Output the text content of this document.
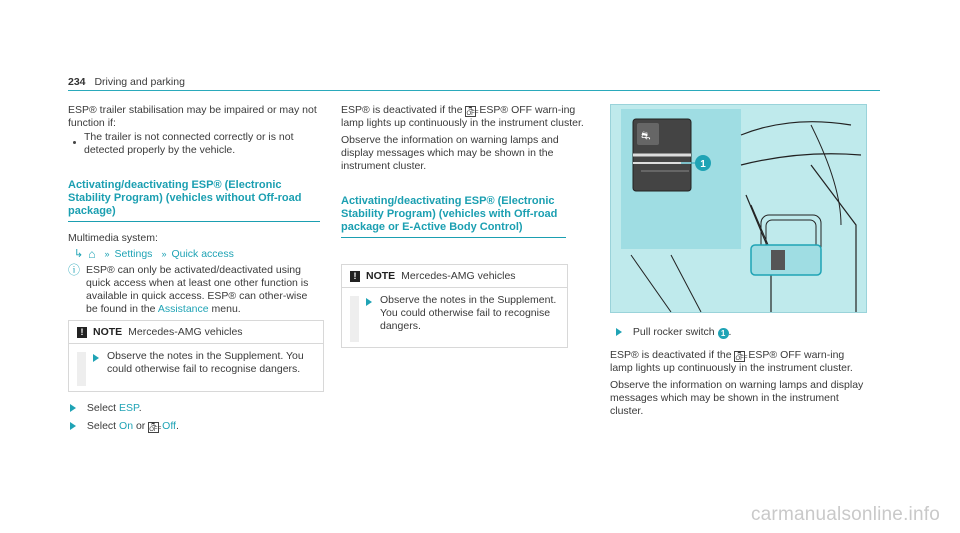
234 Driving and parking

ESP® trailer stabilisation may be impaired or may not function if:

The trailer is not connected correctly or is not detected properly by the vehicle.
Activating/deactivating ESP® (Electronic Stability Program) (vehicles without Off-road package)

Multimedia system:

↳ ⌂ » Settings » Quick access
ⓘ ESP® can only be activated/deactivated using quick access when at least one other function is available in quick access. ESP® can other-wise be found in the Assistance menu.

! NOTE Mercedes-AMG vehicles

Observe the notes in the Supplement. You could otherwise fail to recognise dangers.

Select ESP.
Select On or ⛐
OFF Off.

ESP® is deactivated if the ⛐
OFF ESP® OFF warn-ing lamp lights up continuously in the instrument cluster.

Observe the information on warning lamps and display messages which may be shown in the instrument cluster.

Activating/deactivating ESP® (Electronic Stability Program) (vehicles with Off-road package or E-Active Body Control)
! NOTE Mercedes-AMG vehicles

Observe the notes in the Supplement. You could otherwise fail to recognise dangers.

⛐
1
Pull rocker switch 1 .

ESP® is deactivated if the ⛐
OFF ESP® OFF warn-ing lamp lights up continuously in the instrument cluster.

Observe the information on warning lamps and display messages which may be shown in the instrument cluster.

carmanualsonline.info
